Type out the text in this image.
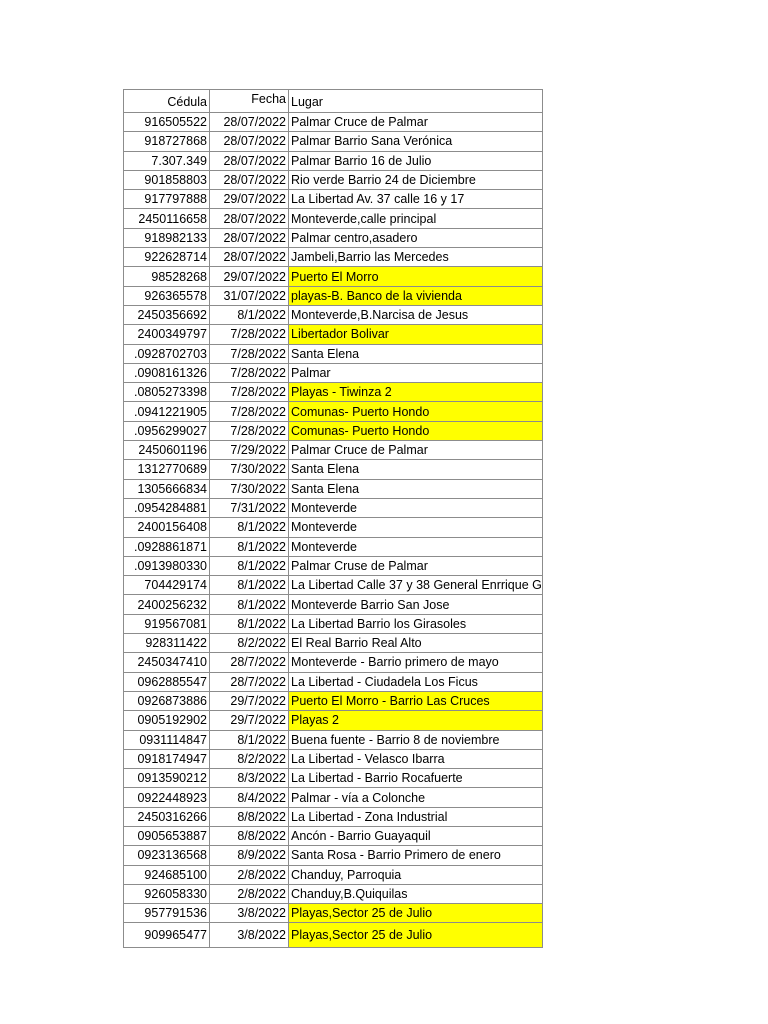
Cédula	Fecha	Lugar
916505522	28/07/2022	Palmar Cruce de Palmar
918727868	28/07/2022	Palmar Barrio Sana Verónica
7.307.349	28/07/2022	Palmar Barrio 16 de Julio
901858803	28/07/2022	Rio verde Barrio 24 de Diciembre
917797888	29/07/2022	La Libertad Av. 37 calle 16 y 17
2450116658	28/07/2022	Monteverde,calle principal
918982133	28/07/2022	Palmar centro,asadero
922628714	28/07/2022	Jambeli,Barrio las Mercedes
98528268	29/07/2022	Puerto El Morro
926365578	31/07/2022	playas-B. Banco de la vivienda
2450356692	8/1/2022	Monteverde,B.Narcisa de Jesus
2400349797	7/28/2022	Libertador Bolivar
.0928702703	7/28/2022	Santa Elena
.0908161326	7/28/2022	Palmar
.0805273398	7/28/2022	Playas - Tiwinza 2
.0941221905	7/28/2022	Comunas- Puerto Hondo
.0956299027	7/28/2022	Comunas- Puerto Hondo
2450601196	7/29/2022	Palmar Cruce de Palmar
1312770689	7/30/2022	Santa Elena
1305666834	7/30/2022	Santa Elena
.0954284881	7/31/2022	Monteverde
2400156408	8/1/2022	Monteverde
.0928861871	8/1/2022	Monteverde
.0913980330	8/1/2022	Palmar Cruse de Palmar
704429174	8/1/2022	La Libertad Calle 37 y 38 General Enrrique G
2400256232	8/1/2022	Monteverde Barrio San Jose
919567081	8/1/2022	La Libertad Barrio los Girasoles
928311422	8/2/2022	El Real Barrio Real Alto
2450347410	28/7/2022	Monteverde - Barrio primero de mayo
0962885547	28/7/2022	La Libertad - Ciudadela Los Ficus
0926873886	29/7/2022	Puerto El Morro - Barrio Las Cruces
0905192902	29/7/2022	Playas 2
0931114847	8/1/2022	Buena fuente - Barrio 8 de noviembre
0918174947	8/2/2022	La Libertad - Velasco Ibarra
0913590212	8/3/2022	La Libertad - Barrio Rocafuerte
0922448923	8/4/2022	Palmar - vía a Colonche
2450316266	8/8/2022	La Libertad - Zona Industrial
0905653887	8/8/2022	Ancón - Barrio Guayaquil
0923136568	8/9/2022	Santa Rosa - Barrio Primero de enero
924685100	2/8/2022	Chanduy, Parroquia
926058330	2/8/2022	Chanduy,B.Quiquilas
957791536	3/8/2022	Playas,Sector 25 de Julio
909965477	3/8/2022	Playas,Sector 25 de Julio
